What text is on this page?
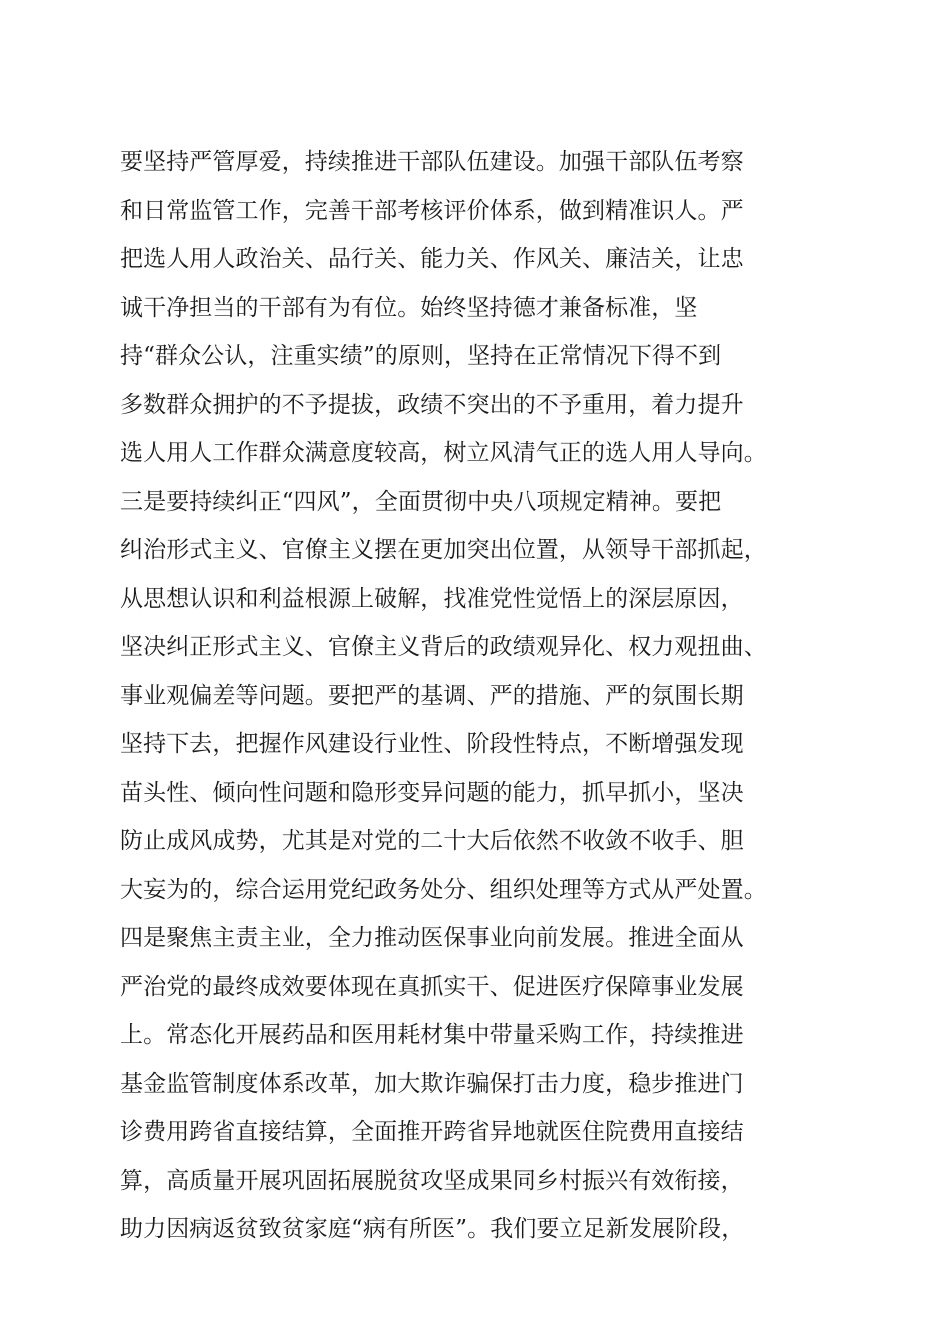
要坚持严管厚爱，持续推进干部队伍建设。加强干部队伍考察
和日常监管工作，完善干部考核评价体系，做到精准识人。严
把选人用人政治关、品行关、能力关、作风关、廉洁关，让忠
诚干净担当的干部有为有位。始终坚持德才兼备标准，坚
持“群众公认，注重实绩”的原则，坚持在正常情况下得不到
多数群众拥护的不予提拔，政绩不突出的不予重用，着力提升
选人用人工作群众满意度较高，树立风清气正的选人用人导向。
三是要持续纠正“四风”，全面贯彻中央八项规定精神。要把
纠治形式主义、官僚主义摆在更加突出位置，从领导干部抓起，
从思想认识和利益根源上破解，找准党性觉悟上的深层原因，
坚决纠正形式主义、官僚主义背后的政绩观异化、权力观扭曲、
事业观偏差等问题。要把严的基调、严的措施、严的氛围长期
坚持下去，把握作风建设行业性、阶段性特点，不断增强发现
苗头性、倾向性问题和隐形变异问题的能力，抓早抓小，坚决
防止成风成势，尤其是对党的二十大后依然不收敛不收手、胆
大妄为的，综合运用党纪政务处分、组织处理等方式从严处置。
四是聚焦主责主业，全力推动医保事业向前发展。推进全面从
严治党的最终成效要体现在真抓实干、促进医疗保障事业发展
上。常态化开展药品和医用耗材集中带量采购工作，持续推进
基金监管制度体系改革，加大欺诈骗保打击力度，稳步推进门
诊费用跨省直接结算，全面推开跨省异地就医住院费用直接结
算，高质量开展巩固拓展脱贫攻坚成果同乡村振兴有效衔接，
助力因病返贫致贫家庭“病有所医”。我们要立足新发展阶段，
